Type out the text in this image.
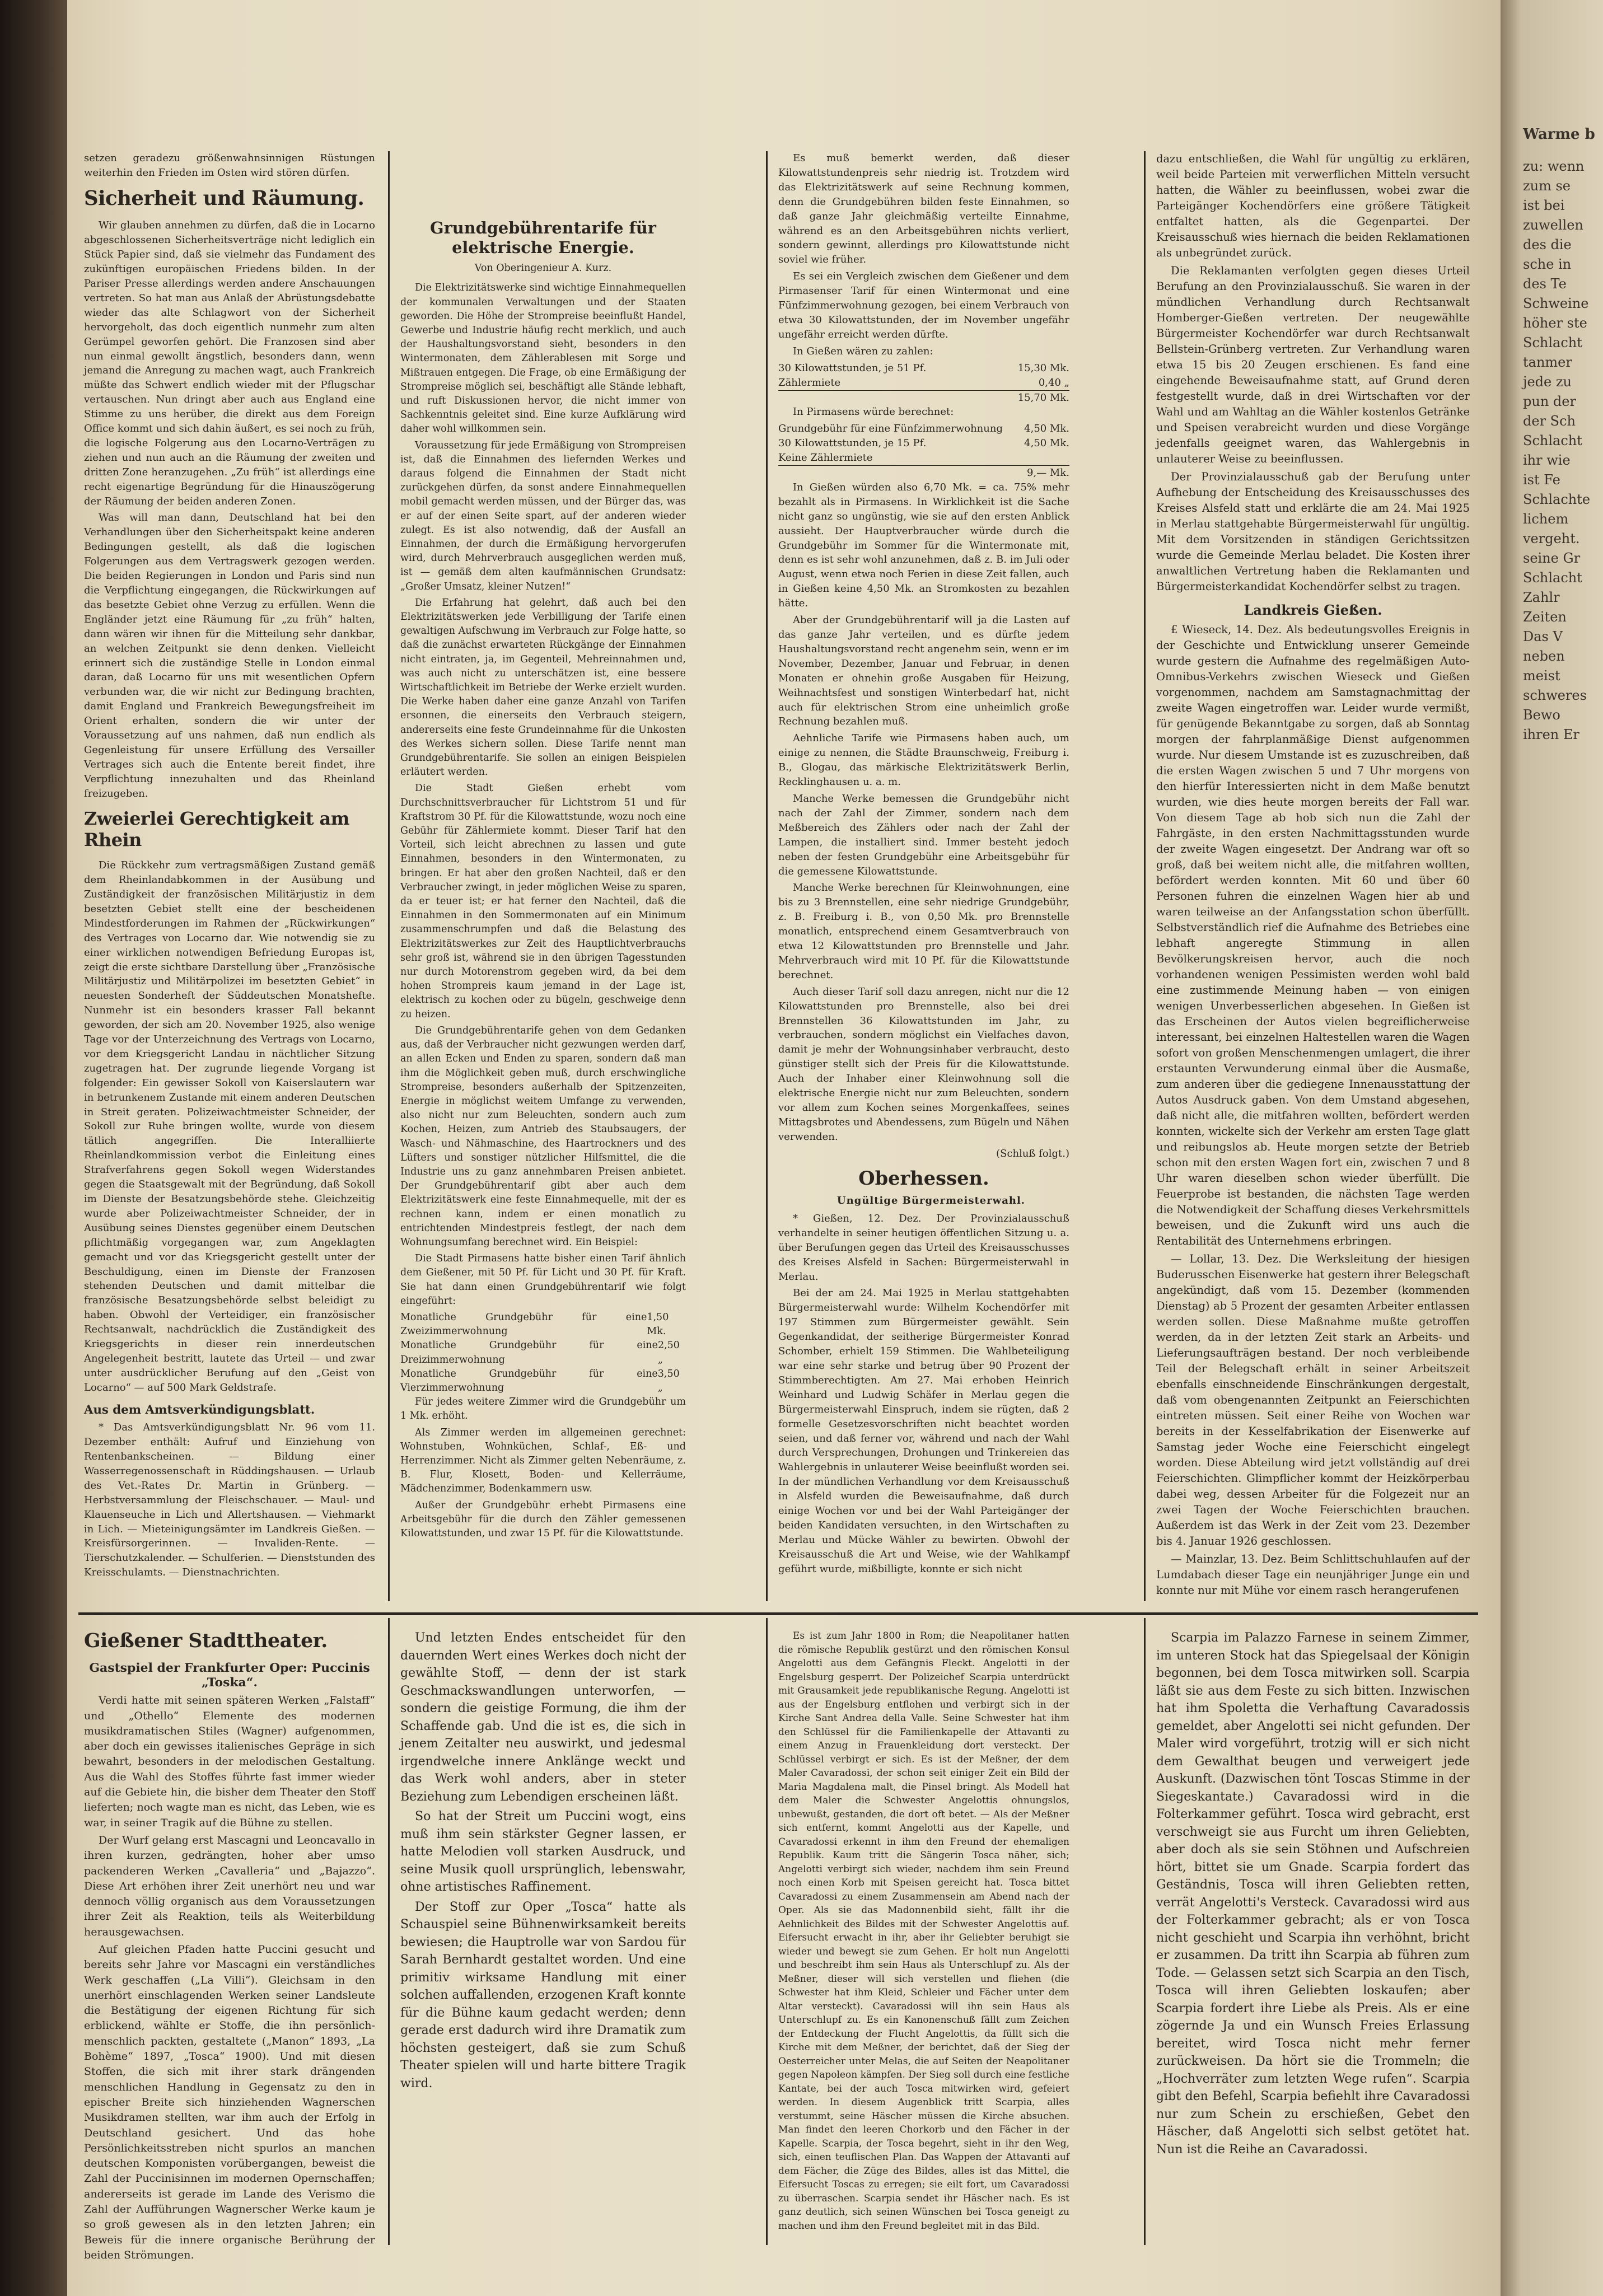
Warme b
zu: wenn
zum se
ist bei
zuwellen
des die
sche in
des Te
Schweine
höher ste
Schlacht
tanmer
jede zu
pun der
der Sch
Schlacht
ihr wie
ist Fe
Schlachte
lichem
vergeht.
seine Gr
Schlacht
Zahlr
Zeiten
Das V
neben
meist
schweres
Bewo
ihren Er

setzen geradezu größenwahnsinnigen Rüstungen weiterhin den Frieden im Osten wird stören dürfen.

Sicherheit und Räumung.

Wir glauben annehmen zu dürfen, daß die in Locarno abgeschlossenen Sicherheitsverträge nicht lediglich ein Stück Papier sind, daß sie vielmehr das Fundament des zukünftigen europäischen Friedens bilden. In der Pariser Presse allerdings werden andere Anschauungen vertreten. So hat man aus Anlaß der Abrüstungsdebatte wieder das alte Schlagwort von der Sicherheit hervorgeholt, das doch eigentlich nunmehr zum alten Gerümpel geworfen gehört. Die Franzosen sind aber nun einmal gewollt ängstlich, besonders dann, wenn jemand die Anregung zu machen wagt, auch Frankreich müßte das Schwert endlich wieder mit der Pflugschar vertauschen. Nun dringt aber auch aus England eine Stimme zu uns herüber, die direkt aus dem Foreign Office kommt und sich dahin äußert, es sei noch zu früh, die logische Folgerung aus den Locarno-Verträgen zu ziehen und nun auch an die Räumung der zweiten und dritten Zone heranzugehen. „Zu früh“ ist allerdings eine recht eigenartige Begründung für die Hinauszögerung der Räumung der beiden anderen Zonen.

Was will man dann, Deutschland hat bei den Verhandlungen über den Sicherheitspakt keine anderen Bedingungen gestellt, als daß die logischen Folgerungen aus dem Vertragswerk gezogen werden. Die beiden Regierungen in London und Paris sind nun die Verpflichtung eingegangen, die Rückwirkungen auf das besetzte Gebiet ohne Verzug zu erfüllen. Wenn die Engländer jetzt eine Räumung für „zu früh“ halten, dann wären wir ihnen für die Mitteilung sehr dankbar, an welchen Zeitpunkt sie denn denken. Vielleicht erinnert sich die zuständige Stelle in London einmal daran, daß Locarno für uns mit wesentlichen Opfern verbunden war, die wir nicht zur Bedingung brachten, damit England und Frankreich Bewegungsfreiheit im Orient erhalten, sondern die wir unter der Voraussetzung auf uns nahmen, daß nun endlich als Gegenleistung für unsere Erfüllung des Versailler Vertrages sich auch die Entente bereit findet, ihre Verpflichtung innezuhalten und das Rheinland freizugeben.

Zweierlei Gerechtigkeit am Rhein

Die Rückkehr zum vertragsmäßigen Zustand gemäß dem Rheinlandabkommen in der Ausübung und Zuständigkeit der französischen Militärjustiz in dem besetzten Gebiet stellt eine der bescheidenen Mindestforderungen im Rahmen der „Rückwirkungen“ des Vertrages von Locarno dar. Wie notwendig sie zu einer wirklichen notwendigen Befriedung Europas ist, zeigt die erste sichtbare Darstellung über „Französische Militärjustiz und Militärpolizei im besetzten Gebiet“ in neuesten Sonderheft der Süddeutschen Monatshefte. Nunmehr ist ein besonders krasser Fall bekannt geworden, der sich am 20. November 1925, also wenige Tage vor der Unterzeichnung des Vertrags von Locarno, vor dem Kriegsgericht Landau in nächtlicher Sitzung zugetragen hat. Der zugrunde liegende Vorgang ist folgender: Ein gewisser Sokoll von Kaiserslautern war in betrunkenem Zustande mit einem anderen Deutschen in Streit geraten. Polizeiwachtmeister Schneider, der Sokoll zur Ruhe bringen wollte, wurde von diesem tätlich angegriffen. Die Interalliierte Rheinlandkommission verbot die Einleitung eines Strafverfahrens gegen Sokoll wegen Widerstandes gegen die Staatsgewalt mit der Begründung, daß Sokoll im Dienste der Besatzungsbehörde stehe. Gleichzeitig wurde aber Polizeiwachtmeister Schneider, der in Ausübung seines Dienstes gegenüber einem Deutschen pflichtmäßig vorgegangen war, zum Angeklagten gemacht und vor das Kriegsgericht gestellt unter der Beschuldigung, einen im Dienste der Franzosen stehenden Deutschen und damit mittelbar die französische Besatzungsbehörde selbst beleidigt zu haben. Obwohl der Verteidiger, ein französischer Rechtsanwalt, nachdrücklich die Zuständigkeit des Kriegsgerichts in dieser rein innerdeutschen Angelegenheit bestritt, lautete das Urteil — und zwar unter ausdrücklicher Berufung auf den „Geist von Locarno“ — auf 500 Mark Geldstrafe.

Aus dem Amtsverkündigungsblatt.

* Das Amtsverkündigungsblatt Nr. 96 vom 11. Dezember enthält: Aufruf und Einziehung von Rentenbankscheinen. — Bildung einer Wasserregenossenschaft in Rüddingshausen. — Urlaub des Vet.-Rates Dr. Martin in Grünberg. — Herbstversammlung der Fleischschauer. — Maul- und Klauenseuche in Lich und Allertshausen. — Viehmarkt in Lich. — Mieteinigungsämter im Landkreis Gießen. — Kreisfürsorgerinnen. — Invaliden-Rente. — Tierschutzkalender. — Schulferien. — Dienststunden des Kreisschulamts. — Dienstnachrichten.

Grundgebührentarife für elektrische Energie.

Von Oberingenieur A. Kurz.

Die Elektrizitätswerke sind wichtige Einnahmequellen der kommunalen Verwaltungen und der Staaten geworden. Die Höhe der Strompreise beeinflußt Handel, Gewerbe und Industrie häufig recht merklich, und auch der Haushaltungsvorstand sieht, besonders in den Wintermonaten, dem Zählerablesen mit Sorge und Mißtrauen entgegen. Die Frage, ob eine Ermäßigung der Strompreise möglich sei, beschäftigt alle Stände lebhaft, und ruft Diskussionen hervor, die nicht immer von Sachkenntnis geleitet sind. Eine kurze Aufklärung wird daher wohl willkommen sein.

Voraussetzung für jede Ermäßigung von Strompreisen ist, daß die Einnahmen des liefernden Werkes und daraus folgend die Einnahmen der Stadt nicht zurückgehen dürfen, da sonst andere Einnahmequellen mobil gemacht werden müssen, und der Bürger das, was er auf der einen Seite spart, auf der anderen wieder zulegt. Es ist also notwendig, daß der Ausfall an Einnahmen, der durch die Ermäßigung hervorgerufen wird, durch Mehrverbrauch ausgeglichen werden muß, ist — gemäß dem alten kaufmännischen Grundsatz: „Großer Umsatz, kleiner Nutzen!“

Die Erfahrung hat gelehrt, daß auch bei den Elektrizitätswerken jede Verbilligung der Tarife einen gewaltigen Aufschwung im Verbrauch zur Folge hatte, so daß die zunächst erwarteten Rückgänge der Einnahmen nicht eintraten, ja, im Gegenteil, Mehreinnahmen und, was auch nicht zu unterschätzen ist, eine bessere Wirtschaftlichkeit im Betriebe der Werke erzielt wurden. Die Werke haben daher eine ganze Anzahl von Tarifen ersonnen, die einerseits den Verbrauch steigern, andererseits eine feste Grundeinnahme für die Unkosten des Werkes sichern sollen. Diese Tarife nennt man Grundgebührentarife. Sie sollen an einigen Beispielen erläutert werden.

Die Stadt Gießen erhebt vom Durchschnittsverbraucher für Lichtstrom 51 und für Kraftstrom 30 Pf. für die Kilowattstunde, wozu noch eine Gebühr für Zählermiete kommt. Dieser Tarif hat den Vorteil, sich leicht abrechnen zu lassen und gute Einnahmen, besonders in den Wintermonaten, zu bringen. Er hat aber den großen Nachteil, daß er den Verbraucher zwingt, in jeder möglichen Weise zu sparen, da er teuer ist; er hat ferner den Nachteil, daß die Einnahmen in den Sommermonaten auf ein Minimum zusammenschrumpfen und daß die Belastung des Elektrizitätswerkes zur Zeit des Hauptlichtverbrauchs sehr groß ist, während sie in den übrigen Tagesstunden nur durch Motorenstrom gegeben wird, da bei dem hohen Strompreis kaum jemand in der Lage ist, elektrisch zu kochen oder zu bügeln, geschweige denn zu heizen.

Die Grundgebührentarife gehen von dem Gedanken aus, daß der Verbraucher nicht gezwungen werden darf, an allen Ecken und Enden zu sparen, sondern daß man ihm die Möglichkeit geben muß, durch erschwingliche Strompreise, besonders außerhalb der Spitzenzeiten, Energie in möglichst weitem Umfange zu verwenden, also nicht nur zum Beleuchten, sondern auch zum Kochen, Heizen, zum Antrieb des Staubsaugers, der Wasch- und Nähmaschine, des Haartrockners und des Lüfters und sonstiger nützlicher Hilfsmittel, die die Industrie uns zu ganz annehmbaren Preisen anbietet. Der Grundgebührentarif gibt aber auch dem Elektrizitätswerk eine feste Einnahmequelle, mit der es rechnen kann, indem er einen monatlich zu entrichtenden Mindestpreis festlegt, der nach dem Wohnungsumfang berechnet wird. Ein Beispiel:

Die Stadt Pirmasens hatte bisher einen Tarif ähnlich dem Gießener, mit 50 Pf. für Licht und 30 Pf. für Kraft. Sie hat dann einen Grundgebührentarif wie folgt eingeführt:

Monatliche Grundgebühr für eine Zweizimmerwohnung
1,50 Mk.
Monatliche Grundgebühr für eine Dreizimmerwohnung
2,50 „
Monatliche Grundgebühr für eine Vierzimmerwohnung
3,50 „

Für jedes weitere Zimmer wird die Grundgebühr um 1 Mk. erhöht.

Als Zimmer werden im allgemeinen gerechnet: Wohnstuben, Wohnküchen, Schlaf-, Eß- und Herrenzimmer. Nicht als Zimmer gelten Nebenräume, z. B. Flur, Klosett, Boden- und Kellerräume, Mädchenzimmer, Bodenkammern usw.

Außer der Grundgebühr erhebt Pirmasens eine Arbeitsgebühr für die durch den Zähler gemessenen Kilowattstunden, und zwar 15 Pf. für die Kilowattstunde.

Es muß bemerkt werden, daß dieser Kilowattstundenpreis sehr niedrig ist. Trotzdem wird das Elektrizitätswerk auf seine Rechnung kommen, denn die Grundgebühren bilden feste Einnahmen, so daß ganze Jahr gleichmäßig verteilte Einnahme, während es an den Arbeitsgebühren nichts verliert, sondern gewinnt, allerdings pro Kilowattstunde nicht soviel wie früher.

Es sei ein Vergleich zwischen dem Gießener und dem Pirmasenser Tarif für einen Wintermonat und eine Fünfzimmerwohnung gezogen, bei einem Verbrauch von etwa 30 Kilowattstunden, der im November ungefähr ungefähr erreicht werden dürfte.

In Gießen wären zu zahlen:

30 Kilowattstunden, je 51 Pf.	15,30 Mk.
Zählermiete	0,40 „
15,70 Mk.

In Pirmasens würde berechnet:

Grundgebühr für eine Fünfzimmerwohnung 4,50 Mk.
30 Kilowattstunden, je 15 Pf.	4,50 Mk.
Keine Zählermiete
9,— Mk.

In Gießen würden also 6,70 Mk. = ca. 75% mehr bezahlt als in Pirmasens. In Wirklichkeit ist die Sache nicht ganz so ungünstig, wie sie auf den ersten Anblick aussieht. Der Hauptverbraucher würde durch die Grundgebühr im Sommer für die Wintermonate mit, denn es ist sehr wohl anzunehmen, daß z. B. im Juli oder August, wenn etwa noch Ferien in diese Zeit fallen, auch in Gießen keine 4,50 Mk. an Stromkosten zu bezahlen hätte.

Aber der Grundgebührentarif will ja die Lasten auf das ganze Jahr verteilen, und es dürfte jedem Haushaltungsvorstand recht angenehm sein, wenn er im November, Dezember, Januar und Februar, in denen Monaten er ohnehin große Ausgaben für Heizung, Weihnachtsfest und sonstigen Winterbedarf hat, nicht auch für elektrischen Strom eine unheimlich große Rechnung bezahlen muß.

Aehnliche Tarife wie Pirmasens haben auch, um einige zu nennen, die Städte Braunschweig, Freiburg i. B., Glogau, das märkische Elektrizitätswerk Berlin, Recklinghausen u. a. m.

Manche Werke bemessen die Grundgebühr nicht nach der Zahl der Zimmer, sondern nach dem Meßbereich des Zählers oder nach der Zahl der Lampen, die installiert sind. Immer besteht jedoch neben der festen Grundgebühr eine Arbeitsgebühr für die gemessene Kilowattstunde.

Manche Werke berechnen für Kleinwohnungen, eine bis zu 3 Brennstellen, eine sehr niedrige Grundgebühr, z. B. Freiburg i. B., von 0,50 Mk. pro Brennstelle monatlich, entsprechend einem Gesamtverbrauch von etwa 12 Kilowattstunden pro Brennstelle und Jahr. Mehrverbrauch wird mit 10 Pf. für die Kilowattstunde berechnet.

Auch dieser Tarif soll dazu anregen, nicht nur die 12 Kilowattstunden pro Brennstelle, also bei drei Brennstellen 36 Kilowattstunden im Jahr, zu verbrauchen, sondern möglichst ein Vielfaches davon, damit je mehr der Wohnungsinhaber verbraucht, desto günstiger stellt sich der Preis für die Kilowattstunde. Auch der Inhaber einer Kleinwohnung soll die elektrische Energie nicht nur zum Beleuchten, sondern vor allem zum Kochen seines Morgenkaffees, seines Mittagsbrotes und Abendessens, zum Bügeln und Nähen verwenden.

(Schluß folgt.)

Oberhessen.

Ungültige Bürgermeisterwahl.

* Gießen, 12. Dez. Der Provinzialausschuß verhandelte in seiner heutigen öffentlichen Sitzung u. a. über Berufungen gegen das Urteil des Kreisausschusses des Kreises Alsfeld in Sachen: Bürgermeisterwahl in Merlau.

Bei der am 24. Mai 1925 in Merlau stattgehabten Bürgermeisterwahl wurde: Wilhelm Kochendörfer mit 197 Stimmen zum Bürgermeister gewählt. Sein Gegenkandidat, der seitherige Bürgermeister Konrad Schomber, erhielt 159 Stimmen. Die Wahlbeteiligung war eine sehr starke und betrug über 90 Prozent der Stimmberechtigten. Am 27. Mai erhoben Heinrich Weinhard und Ludwig Schäfer in Merlau gegen die Bürgermeisterwahl Einspruch, indem sie rügten, daß 2 formelle Gesetzesvorschriften nicht beachtet worden seien, und daß ferner vor, während und nach der Wahl durch Versprechungen, Drohungen und Trinkereien das Wahlergebnis in unlauterer Weise beeinflußt worden sei. In der mündlichen Verhandlung vor dem Kreisausschuß in Alsfeld wurden die Beweisaufnahme, daß durch einige Wochen vor und bei der Wahl Parteigänger der beiden Kandidaten versuchten, in den Wirtschaften zu Merlau und Mücke Wähler zu bewirten. Obwohl der Kreisausschuß die Art und Weise, wie der Wahlkampf geführt wurde, mißbilligte, konnte er sich nicht

dazu entschließen, die Wahl für ungültig zu erklären, weil beide Parteien mit verwerflichen Mitteln versucht hatten, die Wähler zu beeinflussen, wobei zwar die Parteigänger Kochendörfers eine größere Tätigkeit entfaltet hatten, als die Gegenpartei. Der Kreisausschuß wies hiernach die beiden Reklamationen als unbegründet zurück.

Die Reklamanten verfolgten gegen dieses Urteil Berufung an den Provinzialausschuß. Sie waren in der mündlichen Verhandlung durch Rechtsanwalt Homberger-Gießen vertreten. Der neugewählte Bürgermeister Kochendörfer war durch Rechtsanwalt Bellstein-Grünberg vertreten. Zur Verhandlung waren etwa 15 bis 20 Zeugen erschienen. Es fand eine eingehende Beweisaufnahme statt, auf Grund deren festgestellt wurde, daß in drei Wirtschaften vor der Wahl und am Wahltag an die Wähler kostenlos Getränke und Speisen verabreicht wurden und diese Vorgänge jedenfalls geeignet waren, das Wahlergebnis in unlauterer Weise zu beeinflussen.

Der Provinzialausschuß gab der Berufung unter Aufhebung der Entscheidung des Kreisausschusses des Kreises Alsfeld statt und erklärte die am 24. Mai 1925 in Merlau stattgehabte Bürgermeisterwahl für ungültig. Mit dem Vorsitzenden in ständigen Gerichtssitzen wurde die Gemeinde Merlau beladet. Die Kosten ihrer anwaltlichen Vertretung haben die Reklamanten und Bürgermeisterkandidat Kochendörfer selbst zu tragen.

Landkreis Gießen.

£ Wieseck, 14. Dez. Als bedeutungsvolles Ereignis in der Geschichte und Entwicklung unserer Gemeinde wurde gestern die Aufnahme des regelmäßigen Auto-Omnibus-Verkehrs zwischen Wieseck und Gießen vorgenommen, nachdem am Samstagnachmittag der zweite Wagen eingetroffen war. Leider wurde vermißt, für genügende Bekanntgabe zu sorgen, daß ab Sonntag morgen der fahrplanmäßige Dienst aufgenommen wurde. Nur diesem Umstande ist es zuzuschreiben, daß die ersten Wagen zwischen 5 und 7 Uhr morgens von den hierfür Interessierten nicht in dem Maße benutzt wurden, wie dies heute morgen bereits der Fall war. Von diesem Tage ab hob sich nun die Zahl der Fahrgäste, in den ersten Nachmittagsstunden wurde der zweite Wagen eingesetzt. Der Andrang war oft so groß, daß bei weitem nicht alle, die mitfahren wollten, befördert werden konnten. Mit 60 und über 60 Personen fuhren die einzelnen Wagen hier ab und waren teilweise an der Anfangsstation schon überfüllt. Selbstverständlich rief die Aufnahme des Betriebes eine lebhaft angeregte Stimmung in allen Bevölkerungskreisen hervor, auch die noch vorhandenen wenigen Pessimisten werden wohl bald eine zustimmende Meinung haben — von einigen wenigen Unverbesserlichen abgesehen. In Gießen ist das Erscheinen der Autos vielen begreiflicherweise interessant, bei einzelnen Haltestellen waren die Wagen sofort von großen Menschenmengen umlagert, die ihrer erstaunten Verwunderung einmal über die Ausmaße, zum anderen über die gediegene Innenausstattung der Autos Ausdruck gaben. Von dem Umstand abgesehen, daß nicht alle, die mitfahren wollten, befördert werden konnten, wickelte sich der Verkehr am ersten Tage glatt und reibungslos ab. Heute morgen setzte der Betrieb schon mit den ersten Wagen fort ein, zwischen 7 und 8 Uhr waren dieselben schon wieder überfüllt. Die Feuerprobe ist bestanden, die nächsten Tage werden die Notwendigkeit der Schaffung dieses Verkehrsmittels beweisen, und die Zukunft wird uns auch die Rentabilität des Unternehmens erbringen.

— Lollar, 13. Dez. Die Werksleitung der hiesigen Buderusschen Eisenwerke hat gestern ihrer Belegschaft angekündigt, daß vom 15. Dezember (kommenden Dienstag) ab 5 Prozent der gesamten Arbeiter entlassen werden sollen. Diese Maßnahme mußte getroffen werden, da in der letzten Zeit stark an Arbeits- und Lieferungsaufträgen bestand. Der noch verbleibende Teil der Belegschaft erhält in seiner Arbeitszeit ebenfalls einschneidende Einschränkungen dergestalt, daß vom obengenannten Zeitpunkt an Feierschichten eintreten müssen. Seit einer Reihe von Wochen war bereits in der Kesselfabrikation der Eisenwerke auf Samstag jeder Woche eine Feierschicht eingelegt worden. Diese Abteilung wird jetzt vollständig auf drei Feierschichten. Glimpflicher kommt der Heizkörperbau dabei weg, dessen Arbeiter für die Folgezeit nur an zwei Tagen der Woche Feierschichten brauchen. Außerdem ist das Werk in der Zeit vom 23. Dezember bis 4. Januar 1926 geschlossen.

— Mainzlar, 13. Dez. Beim Schlittschuhlaufen auf der Lumdabach dieser Tage ein neunjähriger Junge ein und konnte nur mit Mühe vor einem rasch herangerufenen

Gießener Stadttheater.
Gastspiel der Frankfurter Oper: Puccinis „Toska“.

Verdi hatte mit seinen späteren Werken „Falstaff“ und „Othello“ Elemente des modernen musikdramatischen Stiles (Wagner) aufgenommen, aber doch ein gewisses italienisches Gepräge in sich bewahrt, besonders in der melodischen Gestaltung. Aus die Wahl des Stoffes führte fast immer wieder auf die Gebiete hin, die bisher dem Theater den Stoff lieferten; noch wagte man es nicht, das Leben, wie es war, in seiner Tragik auf die Bühne zu stellen.

Der Wurf gelang erst Mascagni und Leoncavallo in ihren kurzen, gedrängten, hoher aber umso packenderen Werken „Cavalleria“ und „Bajazzo“. Diese Art erhöhen ihrer Zeit unerhört neu und war dennoch völlig organisch aus dem Voraussetzungen ihrer Zeit als Reaktion, teils als Weiterbildung herausgewachsen.

Auf gleichen Pfaden hatte Puccini gesucht und bereits sehr Jahre vor Mascagni ein verständliches Werk geschaffen („La Villi“). Gleichsam in den unerhört einschlagenden Werken seiner Landsleute die Bestätigung der eigenen Richtung für sich erblickend, wählte er Stoffe, die ihn persönlich-menschlich packten, gestaltete („Manon“ 1893, „La Bohème“ 1897, „Tosca“ 1900). Und mit diesen Stoffen, die sich mit ihrer stark drängenden menschlichen Handlung in Gegensatz zu den in epischer Breite sich hinziehenden Wagnerschen Musikdramen stellten, war ihm auch der Erfolg in Deutschland gesichert. Und das hohe Persönlichkeitsstreben nicht spurlos an manchen deutschen Komponisten vorübergangen, beweist die Zahl der Puccinisinnen im modernen Opernschaffen; andererseits ist gerade im Lande des Verismo die Zahl der Aufführungen Wagnerscher Werke kaum je so groß gewesen als in den letzten Jahren; ein Beweis für die innere organische Berührung der beiden Strömungen.

Und letzten Endes entscheidet für den dauernden Wert eines Werkes doch nicht der gewählte Stoff, — denn der ist stark Geschmackswandlungen unterworfen, — sondern die geistige Formung, die ihm der Schaffende gab. Und die ist es, die sich in jenem Zeitalter neu auswirkt, und jedesmal irgendwelche innere Anklänge weckt und das Werk wohl anders, aber in steter Beziehung zum Lebendigen erscheinen läßt.

So hat der Streit um Puccini wogt, eins muß ihm sein stärkster Gegner lassen, er hatte Melodien voll starken Ausdruck, und seine Musik quoll ursprünglich, lebenswahr, ohne artistisches Raffinement.

Der Stoff zur Oper „Tosca“ hatte als Schauspiel seine Bühnenwirksamkeit bereits bewiesen; die Hauptrolle war von Sardou für Sarah Bernhardt gestaltet worden. Und eine primitiv wirksame Handlung mit einer solchen auffallenden, erzogenen Kraft konnte für die Bühne kaum gedacht werden; denn gerade erst dadurch wird ihre Dramatik zum höchsten gesteigert, daß sie zum Schuß Theater spielen will und harte bittere Tragik wird.

Es ist zum Jahr 1800 in Rom; die Neapolitaner hatten die römische Republik gestürzt und den römischen Konsul Angelotti aus dem Gefängnis Fleckt. Angelotti in der Engelsburg gesperrt. Der Polizeichef Scarpia unterdrückt mit Grausamkeit jede republikanische Regung. Angelotti ist aus der Engelsburg entflohen und verbirgt sich in der Kirche Sant Andrea della Valle. Seine Schwester hat ihm den Schlüssel für die Familienkapelle der Attavanti zu einem Anzug in Frauenkleidung dort versteckt. Der Schlüssel verbirgt er sich. Es ist der Meßner, der dem Maler Cavaradossi, der schon seit einiger Zeit ein Bild der Maria Magdalena malt, die Pinsel bringt. Als Modell hat dem Maler die Schwester Angelottis ohnungslos, unbewußt, gestanden, die dort oft betet. — Als der Meßner sich entfernt, kommt Angelotti aus der Kapelle, und Cavaradossi erkennt in ihm den Freund der ehemaligen Republik. Kaum tritt die Sängerin Tosca näher, sich; Angelotti verbirgt sich wieder, nachdem ihm sein Freund noch einen Korb mit Speisen gereicht hat. Tosca bittet Cavaradossi zu einem Zusammensein am Abend nach der Oper. Als sie das Madonnenbild sieht, fällt ihr die Aehnlichkeit des Bildes mit der Schwester Angelottis auf. Eifersucht erwacht in ihr, aber ihr Geliebter beruhigt sie wieder und bewegt sie zum Gehen. Er holt nun Angelotti und beschreibt ihm sein Haus als Unterschlupf zu. Als der Meßner, dieser will sich verstellen und fliehen (die Schwester hat ihm Kleid, Schleier und Fächer unter dem Altar versteckt). Cavaradossi will ihn sein Haus als Unterschlupf zu. Es ein Kanonenschuß fällt zum Zeichen der Entdeckung der Flucht Angelottis, da füllt sich die Kirche mit dem Meßner, der berichtet, daß der Sieg der Oesterreicher unter Melas, die auf Seiten der Neapolitaner gegen Napoleon kämpfen. Der Sieg soll durch eine festliche Kantate, bei der auch Tosca mitwirken wird, gefeiert werden. In diesem Augenblick tritt Scarpia, alles verstummt, seine Häscher müssen die Kirche absuchen. Man findet den leeren Chorkorb und den Fächer in der Kapelle. Scarpia, der Tosca begehrt, sieht in ihr den Weg, sich, einen teuflischen Plan. Das Wappen der Attavanti auf dem Fächer, die Züge des Bildes, alles ist das Mittel, die Eifersucht Toscas zu erregen; sie eilt fort, um Cavaradossi zu überraschen. Scarpia sendet ihr Häscher nach. Es ist ganz deutlich, sich seinen Wünschen bei Tosca geneigt zu machen und ihm den Freund begleitet mit in das Bild.

Scarpia im Palazzo Farnese in seinem Zimmer, im unteren Stock hat das Spiegelsaal der Königin begonnen, bei dem Tosca mitwirken soll. Scarpia läßt sie aus dem Feste zu sich bitten. Inzwischen hat ihm Spoletta die Verhaftung Cavaradossis gemeldet, aber Angelotti sei nicht gefunden. Der Maler wird vorgeführt, trotzig will er sich nicht dem Gewalthat beugen und verweigert jede Auskunft. (Dazwischen tönt Toscas Stimme in der Siegeskantate.) Cavaradossi wird in die Folterkammer geführt. Tosca wird gebracht, erst verschweigt sie aus Furcht um ihren Geliebten, aber doch als sie sein Stöhnen und Aufschreien hört, bittet sie um Gnade. Scarpia fordert das Geständnis, Tosca will ihren Geliebten retten, verrät Angelotti's Versteck. Cavaradossi wird aus der Folterkammer gebracht; als er von Tosca nicht geschieht und Scarpia ihn verhöhnt, bricht er zusammen. Da tritt ihn Scarpia ab führen zum Tode. — Gelassen setzt sich Scarpia an den Tisch, Tosca will ihren Geliebten loskaufen; aber Scarpia fordert ihre Liebe als Preis. Als er eine zögernde Ja und ein Wunsch Freies Erlassung bereitet, wird Tosca nicht mehr ferner zurückweisen. Da hört sie die Trommeln; die „Hochverräter zum letzten Wege rufen“. Scarpia gibt den Befehl, Scarpia befiehlt ihre Cavaradossi nur zum Schein zu erschießen, Gebet den Häscher, daß Angelotti sich selbst getötet hat. Nun ist die Reihe an Cavaradossi.
